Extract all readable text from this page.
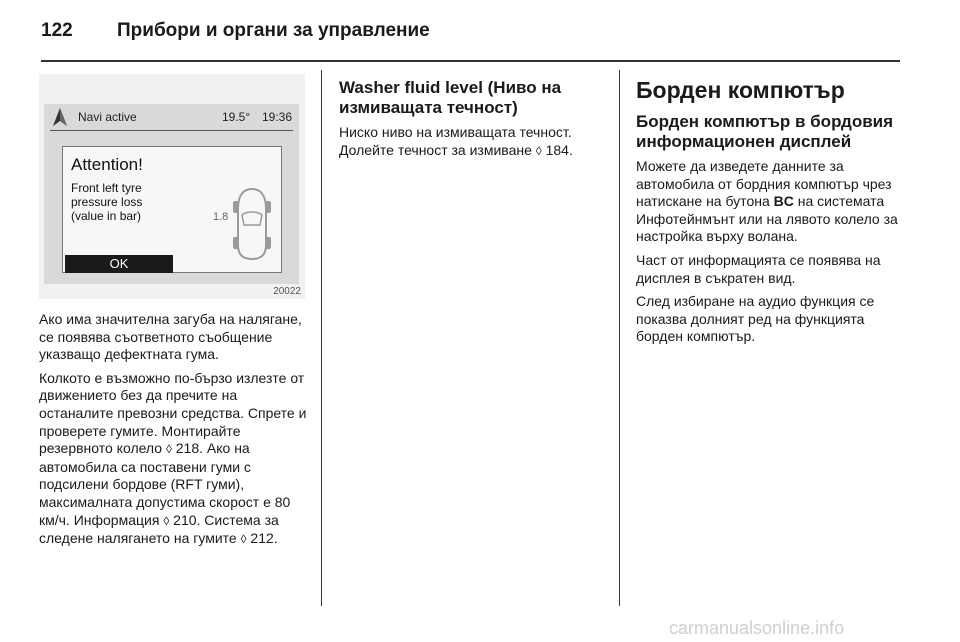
122 Прибори и органи за управление
Navi active	19.5° 19:36
Attention!
Front left tyre
pressure loss
(value in bar)	1.8
OK
20022

Ако има значителна загуба на налягане, се появява съответното съобщение указващо дефектната гума.

Колкото е възможно по-бързо излезте от движението без да пречите на останалите превозни средства. Спрете и проверете гумите. Монтирайте резервното колело ◊ 218. Ако на автомобила са поставени гуми с подсилени бордове (RFT гуми), максималната допустима скорост е 80 км/ч. Информация ◊ 210. Система за следене налягането на гумите ◊ 212.

Washer fluid level (Ниво на измиващата течност)

Ниско ниво на измиващата течност. Долейте течност за измиване ◊ 184.

Борден компютър
Борден компютър в бордовия информационен дисплей

Можете да изведете данните за автомобила от бордния компютър чрез натискане на бутона BC на системата Инфотейнмънт или на лявото колело за настройка върху волана.

Част от информацията се появява на дисплея в съкратен вид.

След избиране на аудио функция се показва долният ред на функцията борден компютър.

carmanualsonline.info
